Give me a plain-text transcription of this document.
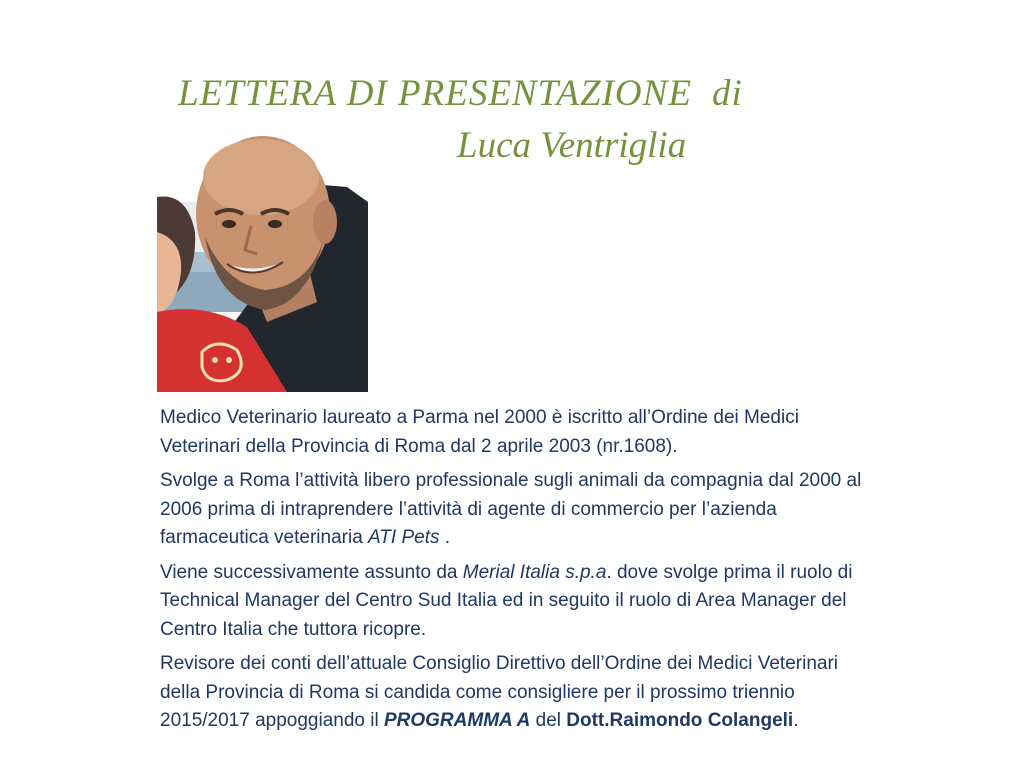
LETTERA DI PRESENTAZIONE di
Luca Ventriglia

Medico Veterinario laureato a Parma nel 2000 è iscritto all’Ordine dei Medici Veterinari della Provincia di Roma dal 2 aprile 2003 (nr.1608).

Svolge a Roma l’attività libero professionale sugli animali da compagnia dal 2000 al 2006 prima di intraprendere l’attività di agente di commercio per l’azienda farmaceutica veterinaria ATI Pets .

Viene successivamente assunto da Merial Italia s.p.a. dove svolge prima il ruolo di Technical Manager del Centro Sud Italia ed in seguito il ruolo di Area Manager del Centro Italia che tuttora ricopre.

Revisore dei conti dell’attuale Consiglio Direttivo dell’Ordine dei Medici Veterinari della Provincia di Roma si candida come consigliere per il prossimo triennio 2015/2017 appoggiando il PROGRAMMA A del Dott.Raimondo Colangeli.
